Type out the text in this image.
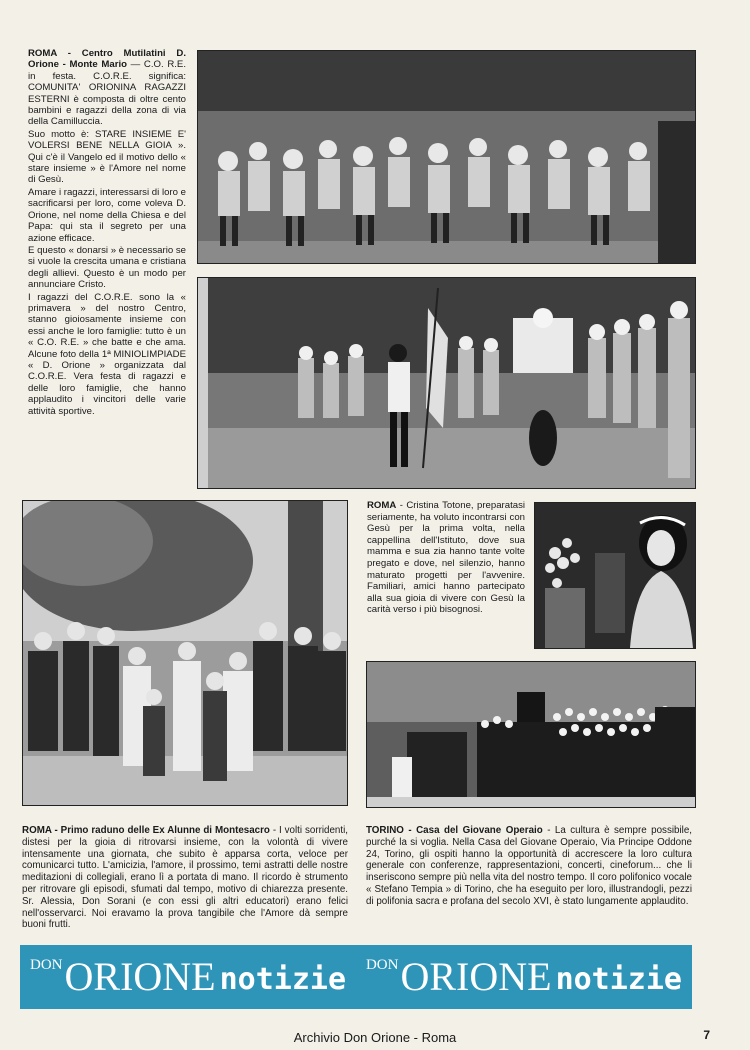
ROMA - Centro Mutilatini D. Orione - Monte Mario — C.O. R.E. in festa. C.O.R.E. significa: COMUNITA' ORIONINA RAGAZZI ESTERNI è composta di oltre cento bambini e ragazzi della zona di via della Camilluccia.

Suo motto è: STARE INSIEME E' VOLERSI BENE NELLA GIOIA ». Qui c'è il Vangelo ed il motivo dello « stare insieme » è l'Amore nel nome di Gesù.

Amare i ragazzi, interessarsi di loro e sacrificarsi per loro, come voleva D. Orione, nel nome della Chiesa e del Papa: qui sta il segreto per una azione efficace.

E questo « donarsi » è necessario se si vuole la crescita umana e cristiana degli allievi. Questo è un modo per annunciare Cristo.

I ragazzi del C.O.R.E. sono la « primavera » del nostro Centro, stanno gioiosamente insieme con essi anche le loro famiglie: tutto è un « C.O. R.E. » che batte e che ama. Alcune foto della 1ª MINIOLIMPIADE « D. Orione » organizzata dal C.O.R.E. Vera festa di ragazzi e delle loro famiglie, che hanno applaudito i vincitori delle varie attività sportive.

ROMA - Cristina Totone, preparatasi seriamente, ha voluto incontrarsi con Gesù per la prima volta, nella cappellina dell'Istituto, dove sua mamma e sua zia hanno tante volte pregato e dove, nel silenzio, hanno maturato progetti per l'avvenire. Familiari, amici hanno partecipato alla sua gioia di vivere con Gesù la carità verso i più bisognosi.
ROMA - Primo raduno delle Ex Alunne di Montesacro - I volti sorridenti, distesi per la gioia di ritrovarsi insieme, con la volontà di vivere intensamente una giornata, che subito è apparsa corta, veloce per comunicarci tutto. L'amicizia, l'amore, il prossimo, temi astratti delle nostre meditazioni di collegiali, erano lì a portata di mano. Il ricordo è strumento per ritrovare gli episodi, sfumati dal tempo, motivo di chiarezza presente. Sr. Alessia, Don Sorani (e con essi gli altri educatori) erano felici nell'osservarci. Noi eravamo la prova tangibile che l'Amore dà sempre buoni frutti.
TORINO - Casa del Giovane Operaio - La cultura è sempre possibile, purché la si voglia. Nella Casa del Giovane Operaio, Via Principe Oddone 24, Torino, gli ospiti hanno la opportunità di accrescere la loro cultura generale con conferenze, rappresentazioni, concerti, cineforum... che li inseriscono sempre più nella vita del nostro tempo. Il coro polifonico vocale « Stefano Tempia » di Torino, che ha eseguito per loro, illustrandogli, pezzi di polifonia sacra e profana del secolo XVI, è stato lungamente applaudito.
DON ORIONE notizie DON ORIONE notizie
Archivio Don Orione - Roma	7
